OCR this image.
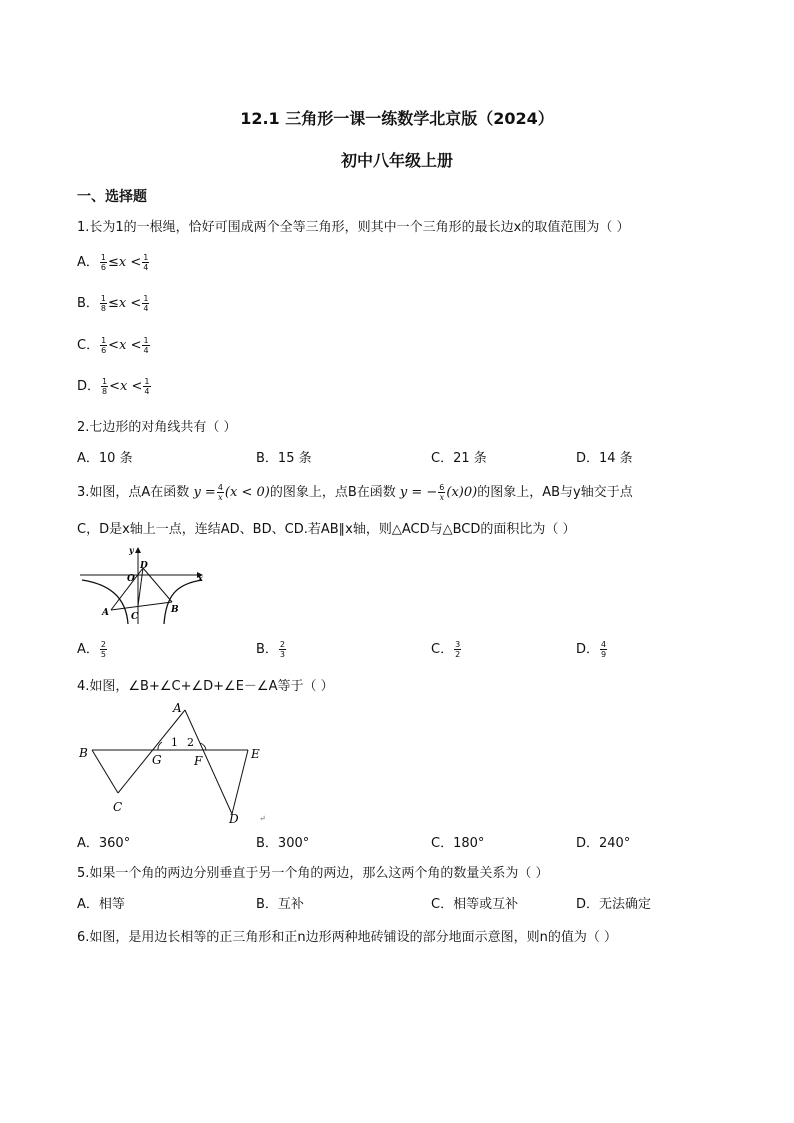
12.1 三角形一课一练数学北京版（2024）
初中八年级上册
一、选择题
1.长为1的一根绳，恰好可围成两个全等三角形，则其中一个三角形的最长边x的取值范围为（ ）
A． $\frac{1}{6} \le x < \frac{1}{4}$
B． $\frac{1}{8} \le x < \frac{1}{4}$
C． $\frac{1}{6} <x < \frac{1}{4}$
D． $\frac{1}{8} <x < \frac{1}{4}$
2.七边形的对角线共有（ ）
A．10 条	B．15 条	C．21 条	D．14 条
3.如图，点A在函数 $y = \frac{4}{x} (x < 0)$的图象上，点B在函数 y = − $\frac{6}{x} (x)0$)的图象上，AB与y轴交于点
C，D是x轴上一点，连结AD、BD、CD.若AB∥x轴，则△ACD与△BCD的面积比为（ ）
y
x
O
D
A	B
C
A． $\frac{2}{5}$	B． $\frac{2}{3}$	C． $\frac{3}{2}$	D． $\frac{4}{9}$
4.如图，∠B+∠C+∠D+∠E－∠A等于（ ）
A
B
C
D
E
G	F
1 2
↵
A．360°	B．300°	C．180°	D．240°
5.如果一个角的两边分别垂直于另一个角的两边，那么这两个角的数量关系为（ ）
A．相等	B．互补	C．相等或互补	D．无法确定
6.如图，是用边长相等的正三角形和正n边形两种地砖铺设的部分地面示意图，则n的值为（ ）
